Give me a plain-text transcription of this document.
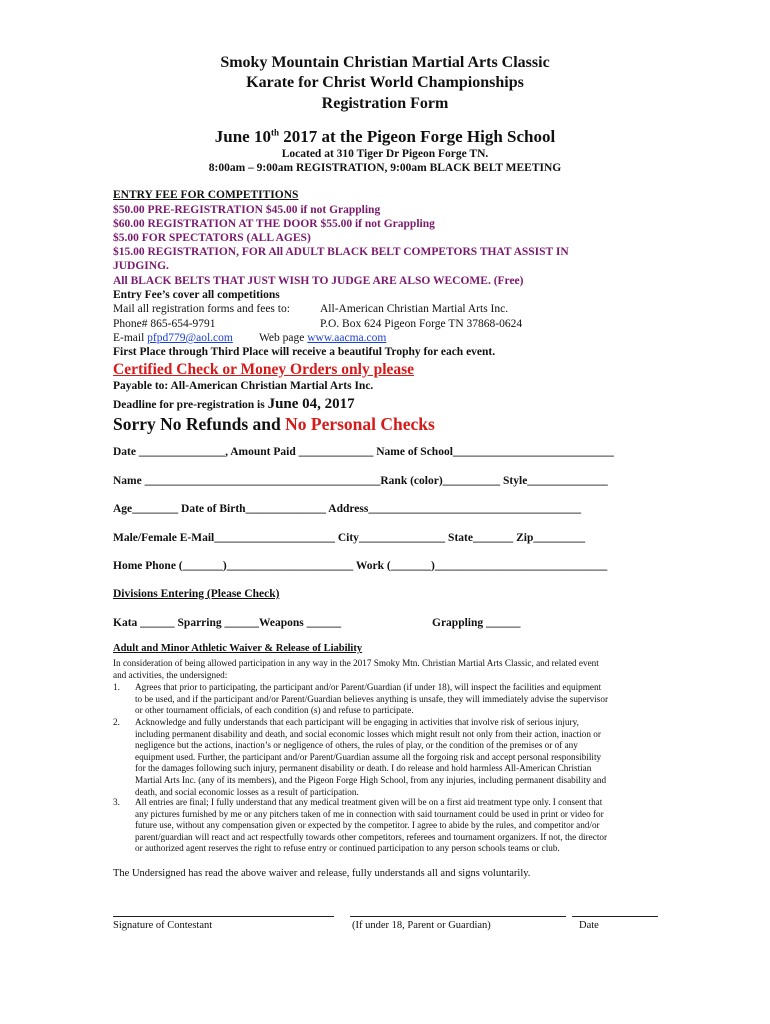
Smoky Mountain Christian Martial Arts Classic
Karate for Christ World Championships
Registration Form
June 10th 2017 at the Pigeon Forge High School
Located at 310 Tiger Dr Pigeon Forge TN.
8:00am – 9:00am REGISTRATION, 9:00am BLACK BELT MEETING
ENTRY FEE FOR COMPETITIONS
$50.00 PRE-REGISTRATION $45.00 if not Grappling
$60.00 REGISTRATION AT THE DOOR $55.00 if not Grappling
$5.00 FOR SPECTATORS (ALL AGES)
$15.00 REGISTRATION, FOR All ADULT BLACK BELT COMPETORS THAT ASSIST IN
JUDGING.
All BLACK BELTS THAT JUST WISH TO JUDGE ARE ALSO WECOME. (Free)
Entry Fee’s cover all competitions
Mail all registration forms and fees to:	All-American Christian Martial Arts Inc.
Phone# 865-654-9791	P.O. Box 624 Pigeon Forge TN 37868-0624
E-mail pfpd779@aol.com Web page www.aacma.com
First Place through Third Place will receive a beautiful Trophy for each event.
Certified Check or Money Orders only please
Payable to: All-American Christian Martial Arts Inc.
Deadline for pre-registration is June 04, 2017
Sorry No Refunds and No Personal Checks
Date _______________, Amount Paid _____________ Name of School____________________________
Name _________________________________________Rank (color)__________ Style______________
Age________ Date of Birth______________ Address_____________________________________
Male/Female E-Mail_____________________ City_______________ State_______ Zip_________
Home Phone (_______)______________________ Work (_______)______________________________
Divisions Entering (Please Check)
Kata ______ Sparring ______Weapons ______	Grappling ______
Adult and Minor Athletic Waiver & Release of Liability
In consideration of being allowed participation in any way in the 2017 Smoky Mtn. Christian Martial Arts Classic, and related event
and activities, the undersigned:
1. Agrees that prior to participating, the participant and/or Parent/Guardian (if under 18), will inspect the facilities and equipment
to be used, and if the participant and/or Parent/Guardian believes anything is unsafe, they will immediately advise the supervisor
or other tournament officials, of each condition (s) and refuse to participate.
2. Acknowledge and fully understands that each participant will be engaging in activities that involve risk of serious injury,
including permanent disability and death, and social economic losses which might result not only from their action, inaction or
negligence but the actions, inaction’s or negligence of others, the rules of play, or the condition of the premises or of any
equipment used. Further, the participant and/or Parent/Guardian assume all the forgoing risk and accept personal responsibility
for the damages following such injury, permanent disability or death. I do release and hold harmless All-American Christian
Martial Arts Inc. (any of its members), and the Pigeon Forge High School, from any injuries, including permanent disability and
death, and social economic losses as a result of participation.
3. All entries are final; I fully understand that any medical treatment given will be on a first aid treatment type only. I consent that
any pictures furnished by me or any pitchers taken of me in connection with said tournament could be used in print or video for
future use, without any compensation given or expected by the competitor. I agree to abide by the rules, and competitor and/or
parent/guardian will react and act respectfully towards other competitors, referees and tournament organizers. If not, the director
or authorized agent reserves the right to refuse entry or continued participation to any person schools teams or club.
The Undersigned has read the above waiver and release, fully understands all and signs voluntarily.
Signature of Contestant	(If under 18, Parent or Guardian)	Date
